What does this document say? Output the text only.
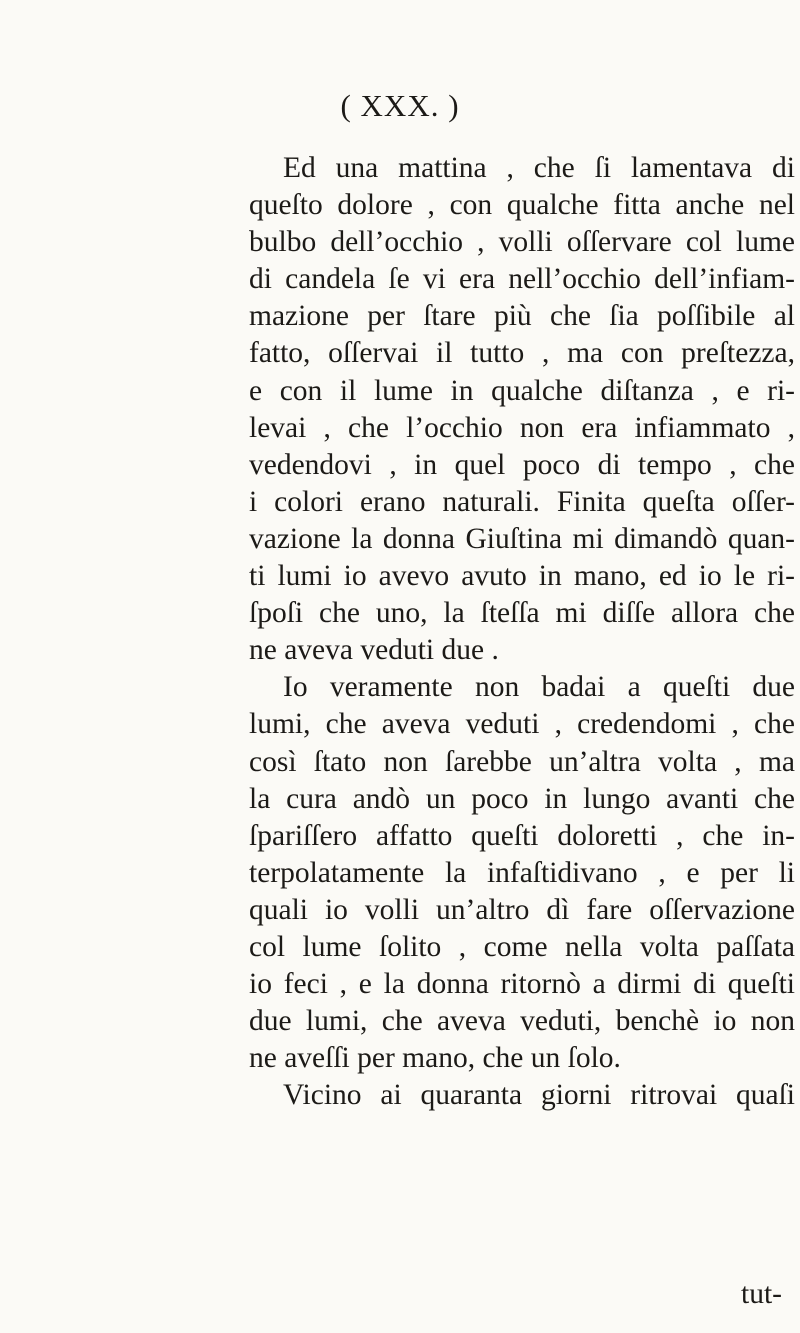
( XXX. )
Ed una mattina , che ſi lamentava di
queſto dolore , con qualche fitta anche nel
bulbo dell’occhio , volli oſſervare col lume
di candela ſe vi era nell’occhio dell’infiam-
mazione per ſtare più che ſia poſſibile al
fatto, oſſervai il tutto , ma con preſtezza,
e con il lume in qualche diſtanza , e ri-
levai , che l’occhio non era infiammato ,
vedendovi , in quel poco di tempo , che
i colori erano naturali. Finita queſta oſſer-
vazione la donna Giuſtina mi dimandò quan-
ti lumi io avevo avuto in mano, ed io le ri-
ſpoſi che uno, la ſteſſa mi diſſe allora che
ne aveva veduti due .
Io veramente non badai a queſti due
lumi, che aveva veduti , credendomi , che
così ſtato non ſarebbe un’altra volta , ma
la cura andò un poco in lungo avanti che
ſpariſſero affatto queſti doloretti , che in-
terpolatamente la infaſtidivano , e per li
quali io volli un’altro dì fare oſſervazione
col lume ſolito , come nella volta paſſata
io feci , e la donna ritornò a dirmi di queſti
due lumi, che aveva veduti, benchè io non
ne aveſſi per mano, che un ſolo.
Vicino ai quaranta giorni ritrovai quaſi
tut-
